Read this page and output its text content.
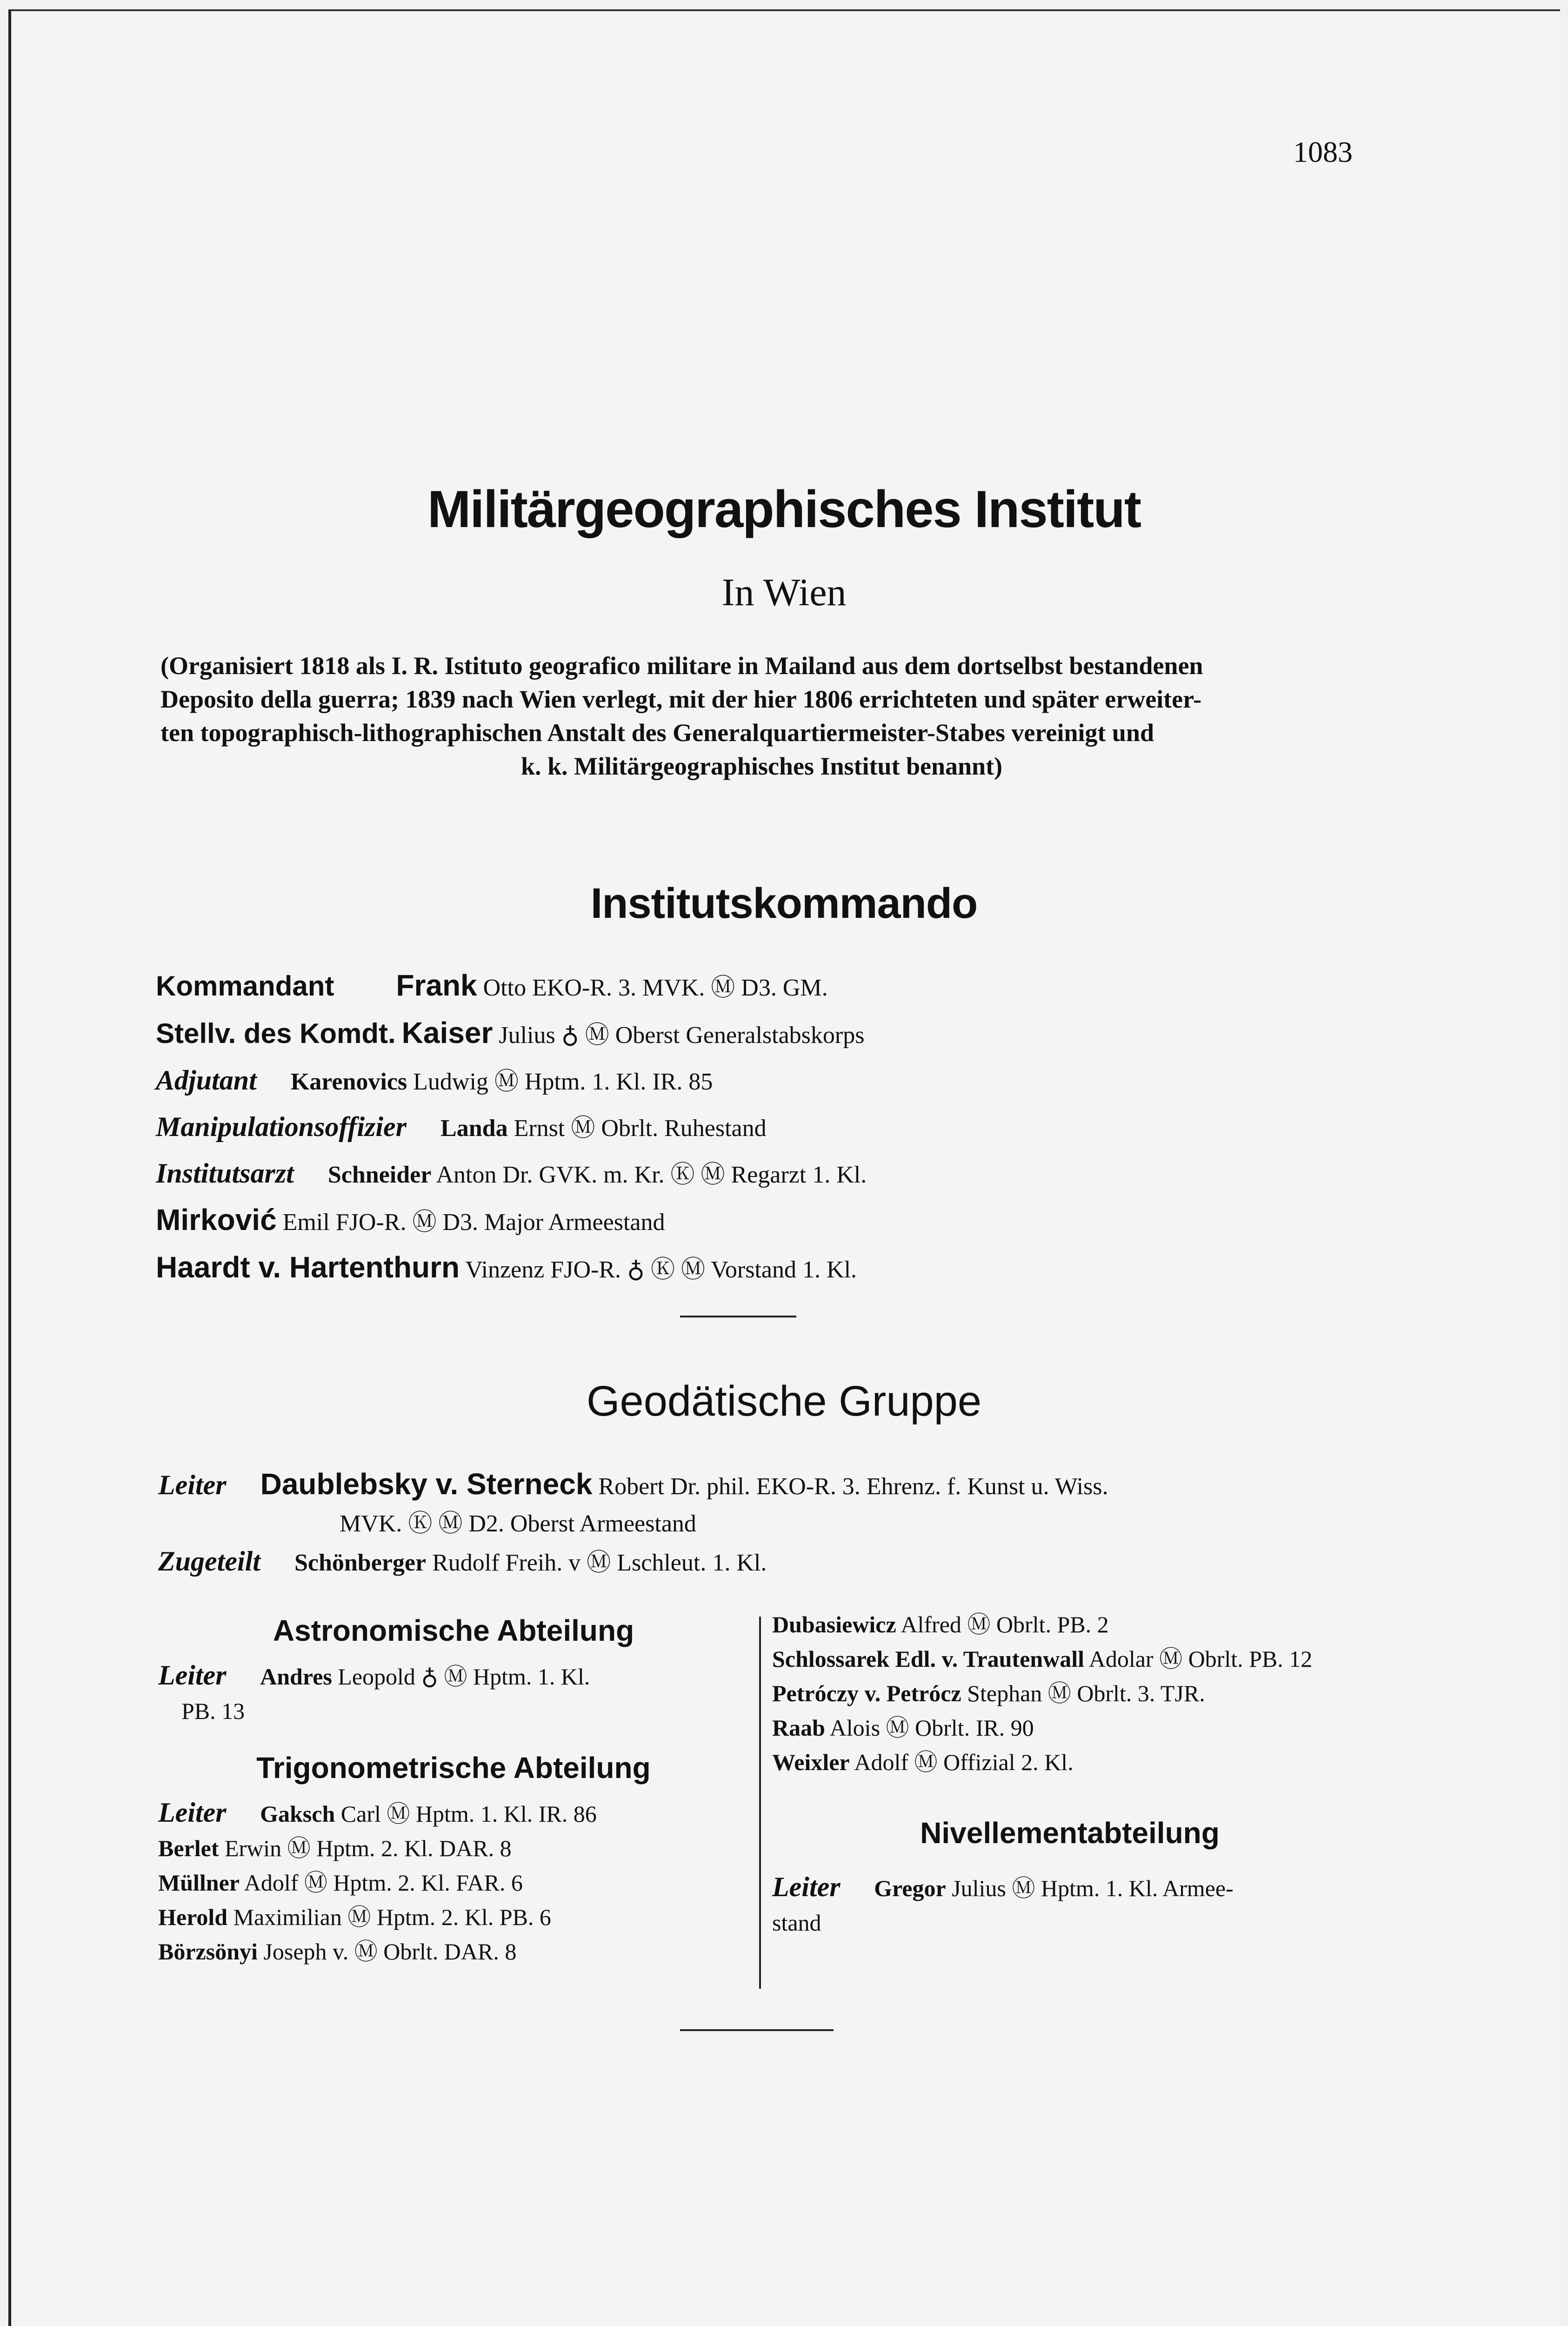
1083
Militärgeographisches Institut
In Wien
(Organisiert 1818 als I. R. Istituto geografico militare in Mailand aus dem dortselbst bestandenen
Deposito della guerra; 1839 nach Wien verlegt, mit der hier 1806 errichteten und später erweiter-
ten topographisch-lithographischen Anstalt des Generalquartiermeister-Stabes vereinigt und
k. k. Militärgeographisches Institut benannt)
Institutskommando
Kommandant Frank Otto EKO-R. 3. MVK. Ⓜ D3. GM.
Stellv. des Komdt. Kaiser Julius ♁ Ⓜ Oberst Generalstabskorps
Adjutant Karenovics Ludwig Ⓜ Hptm. 1. Kl. IR. 85
Manipulationsoffizier Landa Ernst Ⓜ Obrlt. Ruhestand
Institutsarzt Schneider Anton Dr. GVK. m. Kr. Ⓚ Ⓜ Regarzt 1. Kl.
Mirković Emil FJO-R. Ⓜ D3. Major Armeestand
Haardt v. Hartenthurn Vinzenz FJO-R. ♁ Ⓚ Ⓜ Vorstand 1. Kl.
Geodätische Gruppe
Leiter Daublebsky v. Sterneck Robert Dr. phil. EKO-R. 3. Ehrenz. f. Kunst u. Wiss.
MVK. Ⓚ Ⓜ D2. Oberst Armeestand
Zugeteilt Schönberger Rudolf Freih. v Ⓜ Lschleut. 1. Kl.
Astronomische Abteilung
Leiter Andres Leopold ♁ Ⓜ Hptm. 1. Kl.
PB. 13
Trigonometrische Abteilung
Leiter Gaksch Carl Ⓜ Hptm. 1. Kl. IR. 86
Berlet Erwin Ⓜ Hptm. 2. Kl. DAR. 8
Müllner Adolf Ⓜ Hptm. 2. Kl. FAR. 6
Herold Maximilian Ⓜ Hptm. 2. Kl. PB. 6
Börzsönyi Joseph v. Ⓜ Obrlt. DAR. 8
Dubasiewicz Alfred Ⓜ Obrlt. PB. 2
Schlossarek Edl. v. Trautenwall Adolar Ⓜ Obrlt. PB. 12
Petróczy v. Petrócz Stephan Ⓜ Obrlt. 3. TJR.
Raab Alois Ⓜ Obrlt. IR. 90
Weixler Adolf Ⓜ Offizial 2. Kl.
Nivellementabteilung
Leiter Gregor Julius Ⓜ Hptm. 1. Kl. Armee-
stand
